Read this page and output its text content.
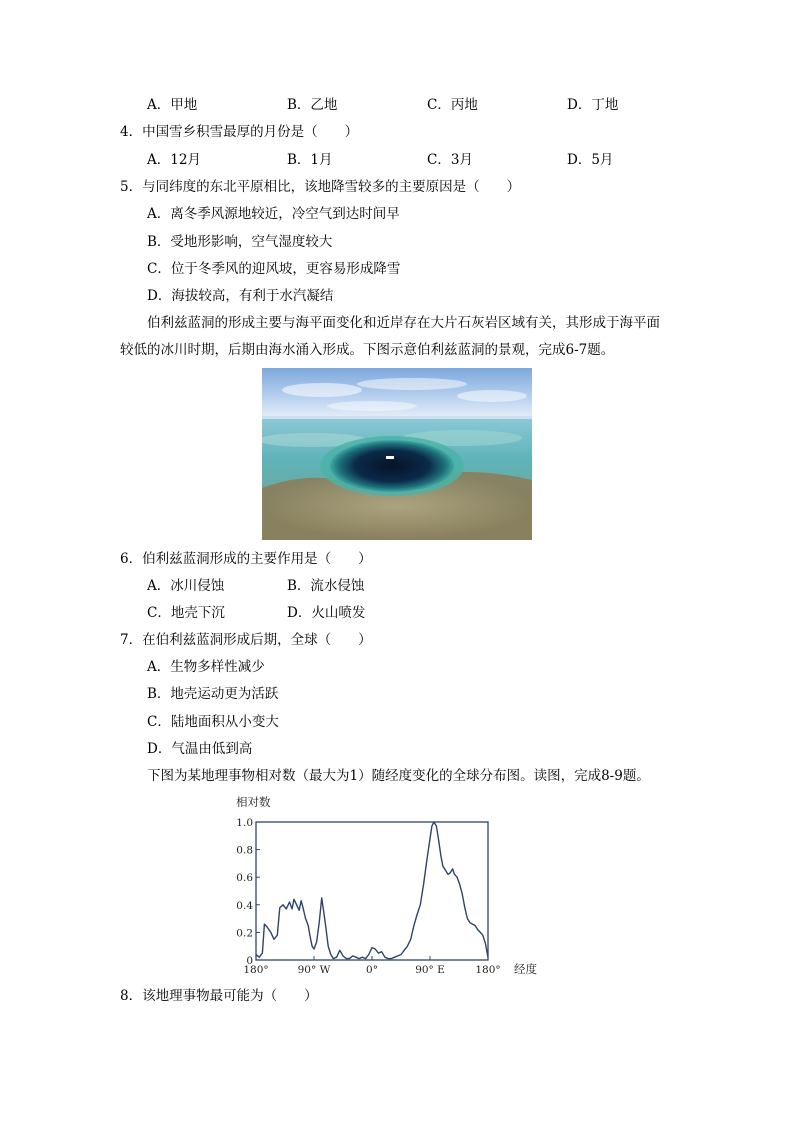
A．甲地	B．乙地	C．丙地	D．丁地
4．中国雪乡积雪最厚的月份是（　　）
A．12月	B．1月	C．3月	D．5月
5．与同纬度的东北平原相比，该地降雪较多的主要原因是（　　）
A．离冬季风源地较近，冷空气到达时间早
B．受地形影响，空气湿度较大
C．位于冬季风的迎风坡，更容易形成降雪
D．海拔较高，有利于水汽凝结
伯利兹蓝洞的形成主要与海平面变化和近岸存在大片石灰岩区域有关，其形成于海平面
较低的冰川时期，后期由海水涌入形成。下图示意伯利兹蓝洞的景观，完成6-7题。
6．伯利兹蓝洞形成的主要作用是（　　）
A．冰川侵蚀	B．流水侵蚀
C．地壳下沉	D．火山喷发
7．在伯利兹蓝洞形成后期，全球（　　）
A．生物多样性减少
B．地壳运动更为活跃
C．陆地面积从小变大
D．气温由低到高
下图为某地理事物相对数（最大为1）随经度变化的全球分布图。读图，完成8-9题。
相对数
1.0
0.8
0.6
0.4
0.2
0
180°	90° W	0°	90° E	180° 经度
8．该地理事物最可能为（　　）
